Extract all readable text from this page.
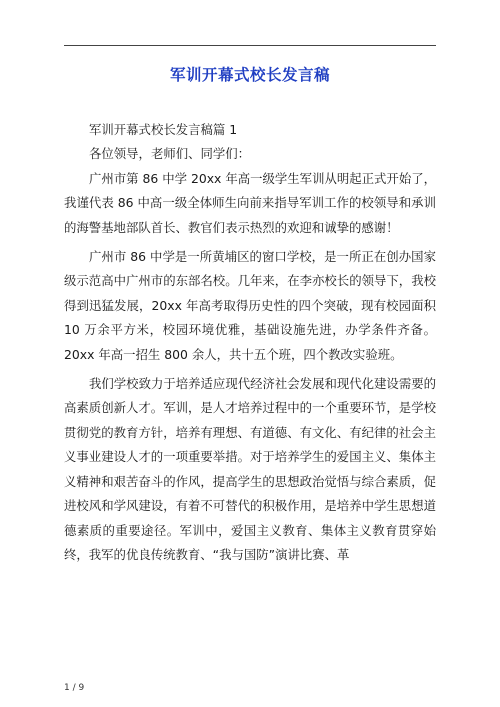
军训开幕式校长发言稿

军训开幕式校长发言稿篇 1

各位领导，老师们、同学们：

广州市第 86 中学 20xx 年高一级学生军训从明起正式开始了，我谨代表 86 中高一级全体师生向前来指导军训工作的校领导和承训的海警基地部队首长、教官们表示热烈的欢迎和诚挚的感谢！

广州市 86 中学是一所黄埔区的窗口学校，是一所正在创办国家级示范高中广州市的东部名校。几年来，在李亦校长的领导下，我校得到迅猛发展，20xx 年高考取得历史性的四个突破，现有校园面积 10 万余平方米，校园环境优雅，基础设施先进，办学条件齐备。20xx 年高一招生 800 余人，共十五个班，四个教改实验班。

我们学校致力于培养适应现代经济社会发展和现代化建设需要的高素质创新人才。军训，是人才培养过程中的一个重要环节，是学校贯彻党的教育方针，培养有理想、有道德、有文化、有纪律的社会主义事业建设人才的一项重要举措。对于培养学生的爱国主义、集体主义精神和艰苦奋斗的作风，提高学生的思想政治觉悟与综合素质，促进校风和学风建设，有着不可替代的积极作用，是培养中学生思想道德素质的重要途径。军训中，爱国主义教育、集体主义教育贯穿始终，我军的优良传统教育、“我与国防”演讲比赛、革

1 / 9
